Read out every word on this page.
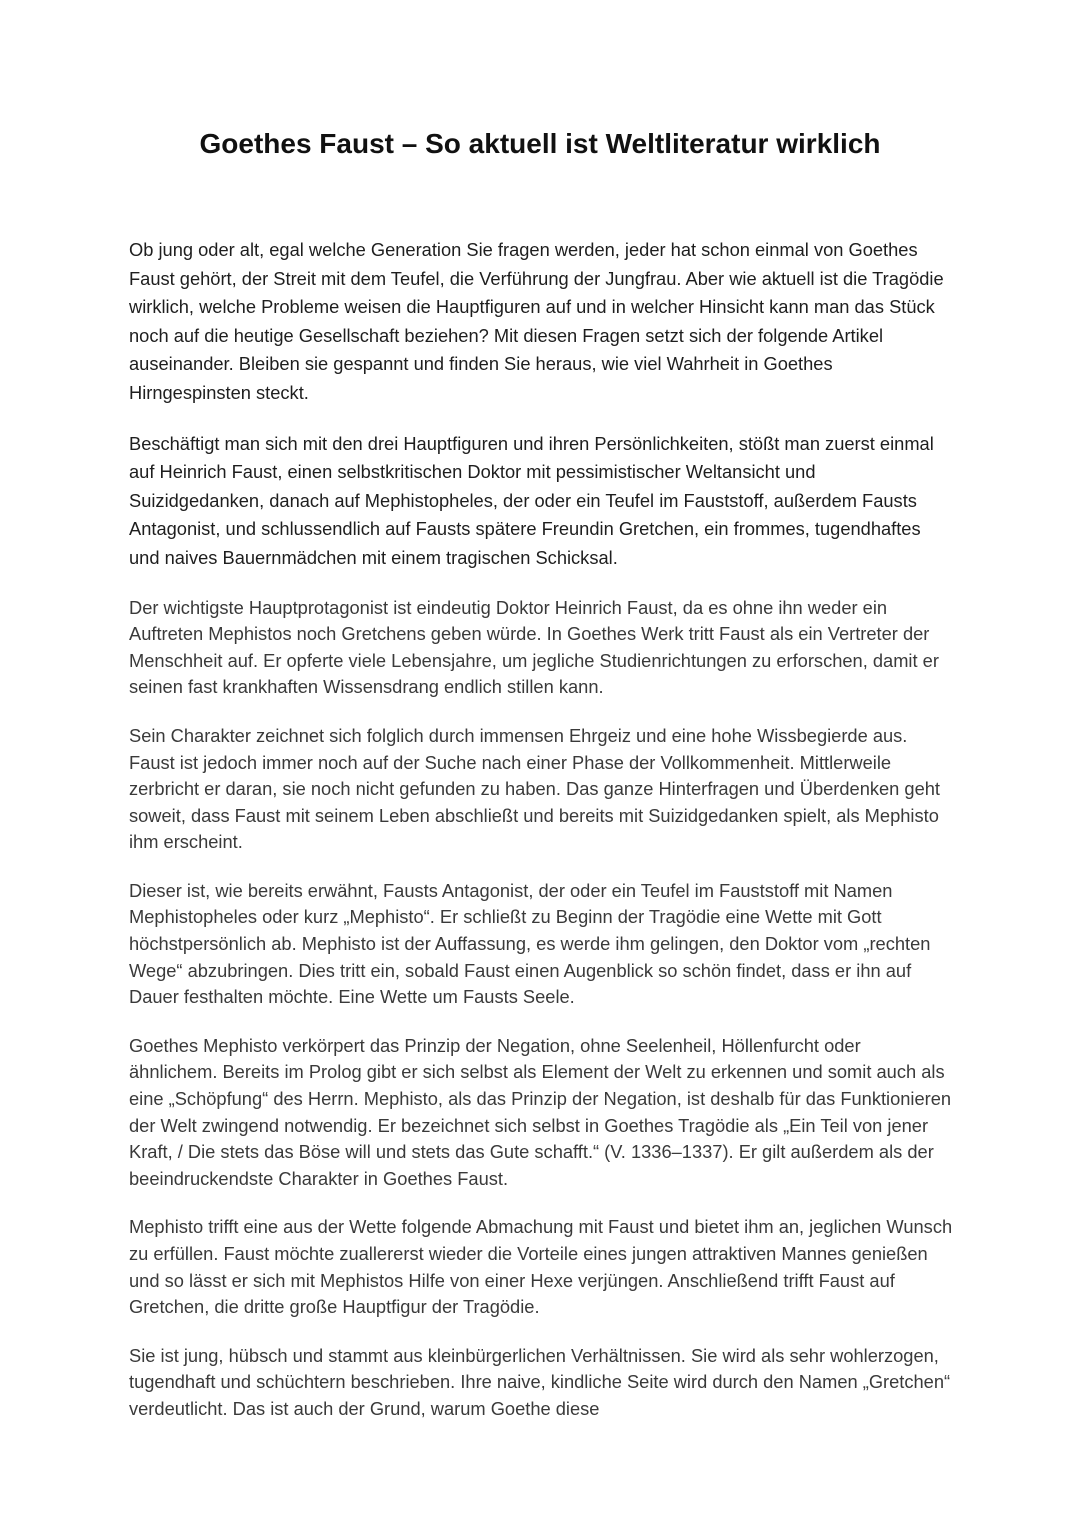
Goethes Faust – So aktuell ist Weltliteratur wirklich

Ob jung oder alt, egal welche Generation Sie fragen werden, jeder hat schon einmal von Goethes Faust gehört, der Streit mit dem Teufel, die Verführung der Jungfrau. Aber wie aktuell ist die Tragödie wirklich, welche Probleme weisen die Hauptfiguren auf und in welcher Hinsicht kann man das Stück noch auf die heutige Gesellschaft beziehen? Mit diesen Fragen setzt sich der folgende Artikel auseinander. Bleiben sie gespannt und finden Sie heraus, wie viel Wahrheit in Goethes Hirngespinsten steckt.

Beschäftigt man sich mit den drei Hauptfiguren und ihren Persönlichkeiten, stößt man zuerst einmal auf Heinrich Faust, einen selbstkritischen Doktor mit pessimistischer Weltansicht und Suizidgedanken, danach auf Mephistopheles, der oder ein Teufel im Fauststoff, außerdem Fausts Antagonist, und schlussendlich auf Fausts spätere Freundin Gretchen, ein frommes, tugendhaftes und naives Bauernmädchen mit einem tragischen Schicksal.

Der wichtigste Hauptprotagonist ist eindeutig Doktor Heinrich Faust, da es ohne ihn weder ein Auftreten Mephistos noch Gretchens geben würde. In Goethes Werk tritt Faust als ein Vertreter der Menschheit auf. Er opferte viele Lebensjahre, um jegliche Studienrichtungen zu erforschen, damit er seinen fast krankhaften Wissensdrang endlich stillen kann.

Sein Charakter zeichnet sich folglich durch immensen Ehrgeiz und eine hohe Wissbegierde aus. Faust ist jedoch immer noch auf der Suche nach einer Phase der Vollkommenheit. Mittlerweile zerbricht er daran, sie noch nicht gefunden zu haben. Das ganze Hinterfragen und Überdenken geht soweit, dass Faust mit seinem Leben abschließt und bereits mit Suizidgedanken spielt, als Mephisto ihm erscheint.

Dieser ist, wie bereits erwähnt, Fausts Antagonist, der oder ein Teufel im Fauststoff mit Namen Mephistopheles oder kurz „Mephisto“. Er schließt zu Beginn der Tragödie eine Wette mit Gott höchstpersönlich ab. Mephisto ist der Auffassung, es werde ihm gelingen, den Doktor vom „rechten Wege“ abzubringen. Dies tritt ein, sobald Faust einen Augenblick so schön findet, dass er ihn auf Dauer festhalten möchte. Eine Wette um Fausts Seele.

Goethes Mephisto verkörpert das Prinzip der Negation, ohne Seelenheil, Höllenfurcht oder ähnlichem. Bereits im Prolog gibt er sich selbst als Element der Welt zu erkennen und somit auch als eine „Schöpfung“ des Herrn. Mephisto, als das Prinzip der Negation, ist deshalb für das Funktionieren der Welt zwingend notwendig. Er bezeichnet sich selbst in Goethes Tragödie als „Ein Teil von jener Kraft, / Die stets das Böse will und stets das Gute schafft.“ (V. 1336–1337). Er gilt außerdem als der beeindruckendste Charakter in Goethes Faust.

Mephisto trifft eine aus der Wette folgende Abmachung mit Faust und bietet ihm an, jeglichen Wunsch zu erfüllen. Faust möchte zuallererst wieder die Vorteile eines jungen attraktiven Mannes genießen und so lässt er sich mit Mephistos Hilfe von einer Hexe verjüngen. Anschließend trifft Faust auf Gretchen, die dritte große Hauptfigur der Tragödie.

Sie ist jung, hübsch und stammt aus kleinbürgerlichen Verhältnissen. Sie wird als sehr wohlerzogen, tugendhaft und schüchtern beschrieben. Ihre naive, kindliche Seite wird durch den Namen „Gretchen“ verdeutlicht. Das ist auch der Grund, warum Goethe diese
